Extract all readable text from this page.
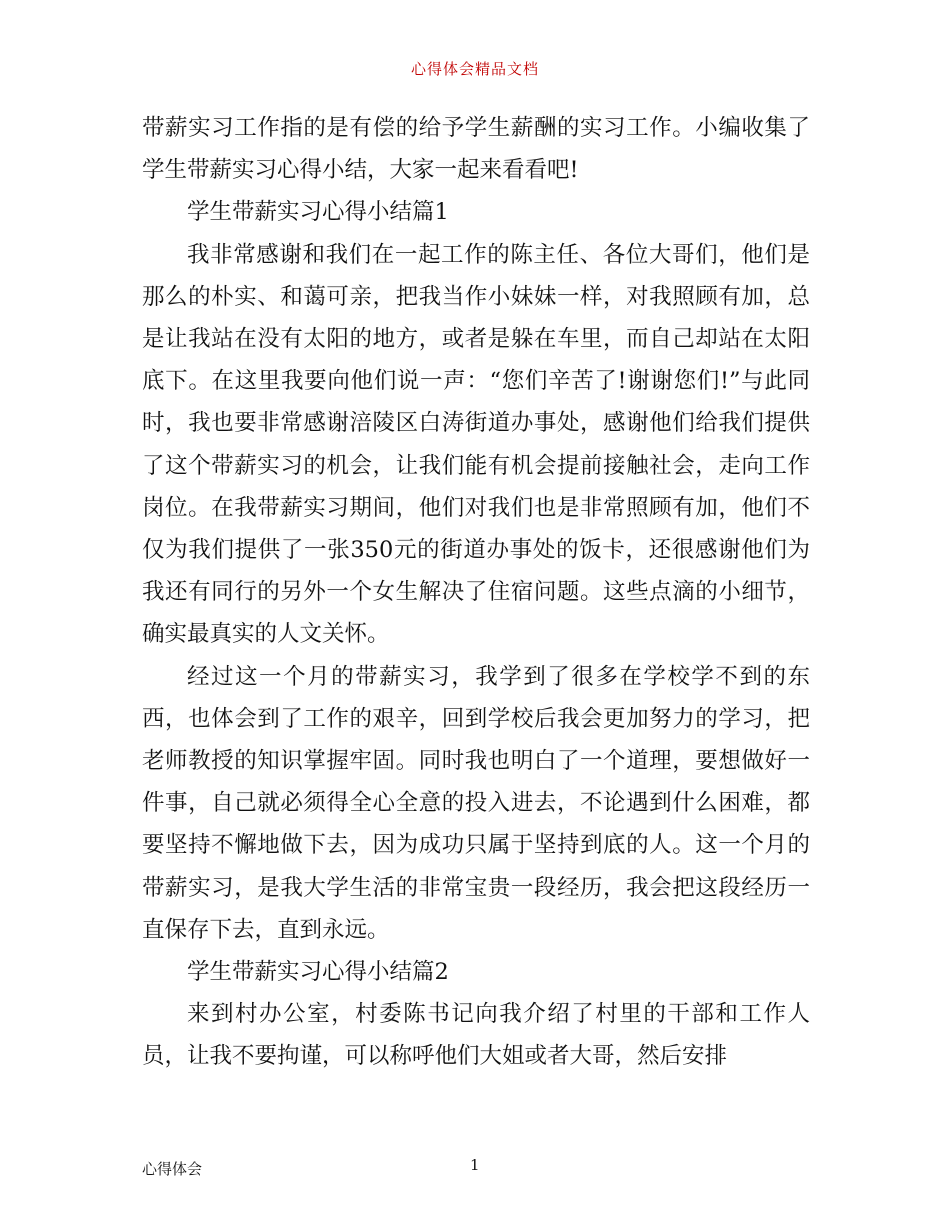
心得体会精品文档

带薪实习工作指的是有偿的给予学生薪酬的实习工作。小编收集了学生带薪实习心得小结，大家一起来看看吧!

学生带薪实习心得小结篇1

我非常感谢和我们在一起工作的陈主任、各位大哥们，他们是那么的朴实、和蔼可亲，把我当作小妹妹一样，对我照顾有加，总是让我站在没有太阳的地方，或者是躲在车里，而自己却站在太阳底下。在这里我要向他们说一声：“您们辛苦了!谢谢您们!”与此同时，我也要非常感谢涪陵区白涛街道办事处，感谢他们给我们提供了这个带薪实习的机会，让我们能有机会提前接触社会，走向工作岗位。在我带薪实习期间，他们对我们也是非常照顾有加，他们不仅为我们提供了一张350元的街道办事处的饭卡，还很感谢他们为我还有同行的另外一个女生解决了住宿问题。这些点滴的小细节，确实最真实的人文关怀。

经过这一个月的带薪实习，我学到了很多在学校学不到的东西，也体会到了工作的艰辛，回到学校后我会更加努力的学习，把老师教授的知识掌握牢固。同时我也明白了一个道理，要想做好一件事，自己就必须得全心全意的投入进去，不论遇到什么困难，都要坚持不懈地做下去，因为成功只属于坚持到底的人。这一个月的带薪实习，是我大学生活的非常宝贵一段经历，我会把这段经历一直保存下去，直到永远。

学生带薪实习心得小结篇2

来到村办公室，村委陈书记向我介绍了村里的干部和工作人员，让我不要拘谨，可以称呼他们大姐或者大哥，然后安排

心得体会	1
